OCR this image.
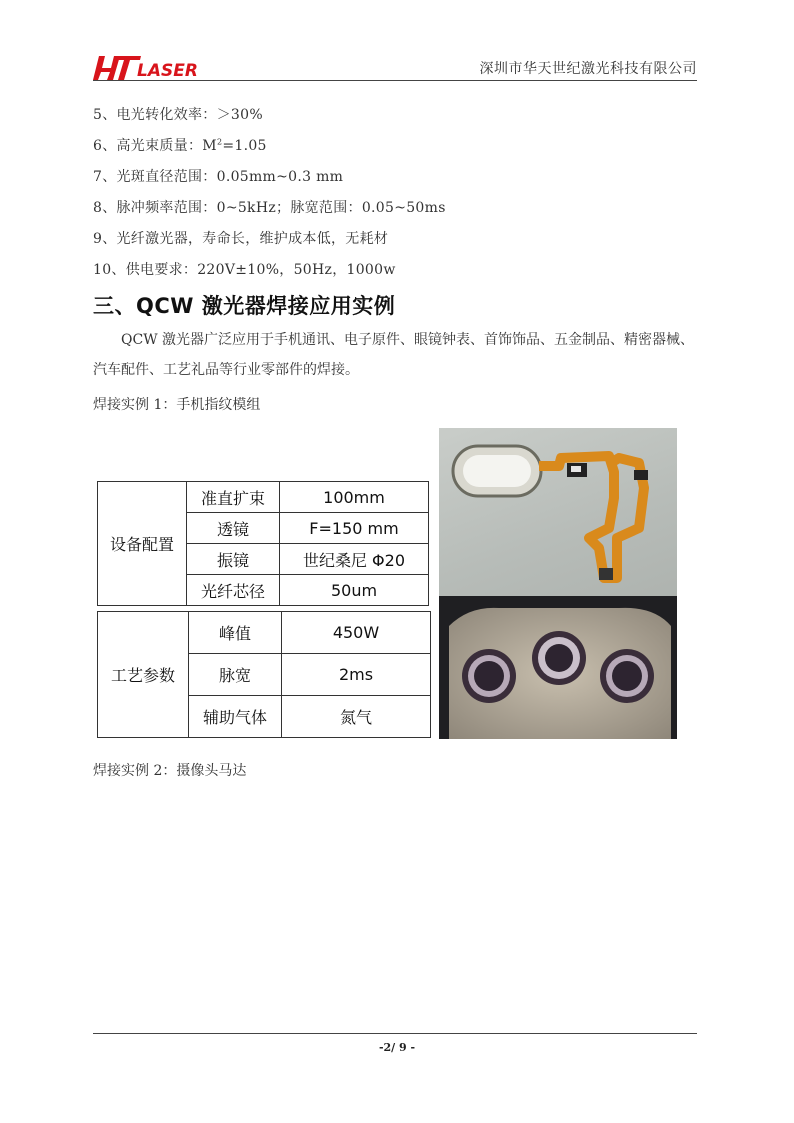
LASER	深圳市华天世纪激光科技有限公司
5、电光转化效率：＞30%
6、高光束质量：$M^2=1.05$
7、光斑直径范围：0.05mm~0.3 mm
8、脉冲频率范围：0~5kHz；脉宽范围：0.05~50ms
9、光纤激光器，寿命长，维护成本低，无耗材
10、供电要求：220V±10%，50Hz，1000w
三、QCW 激光器焊接应用实例
QCW 激光器广泛应用于手机通讯、电子原件、眼镜钟表、首饰饰品、五金制品、精密器械、汽车配件、工艺礼品等行业零部件的焊接。
焊接实例 1：手机指纹模组
设备配置	准直扩束	100mm
	透镜	F=150 mm
	振镜	世纪桑尼 Φ20
	光纤芯径	50um
工艺参数	峰值	450W
	脉宽	2ms
	辅助气体	氮气
焊接实例 2：摄像头马达
-2/ 9 -
